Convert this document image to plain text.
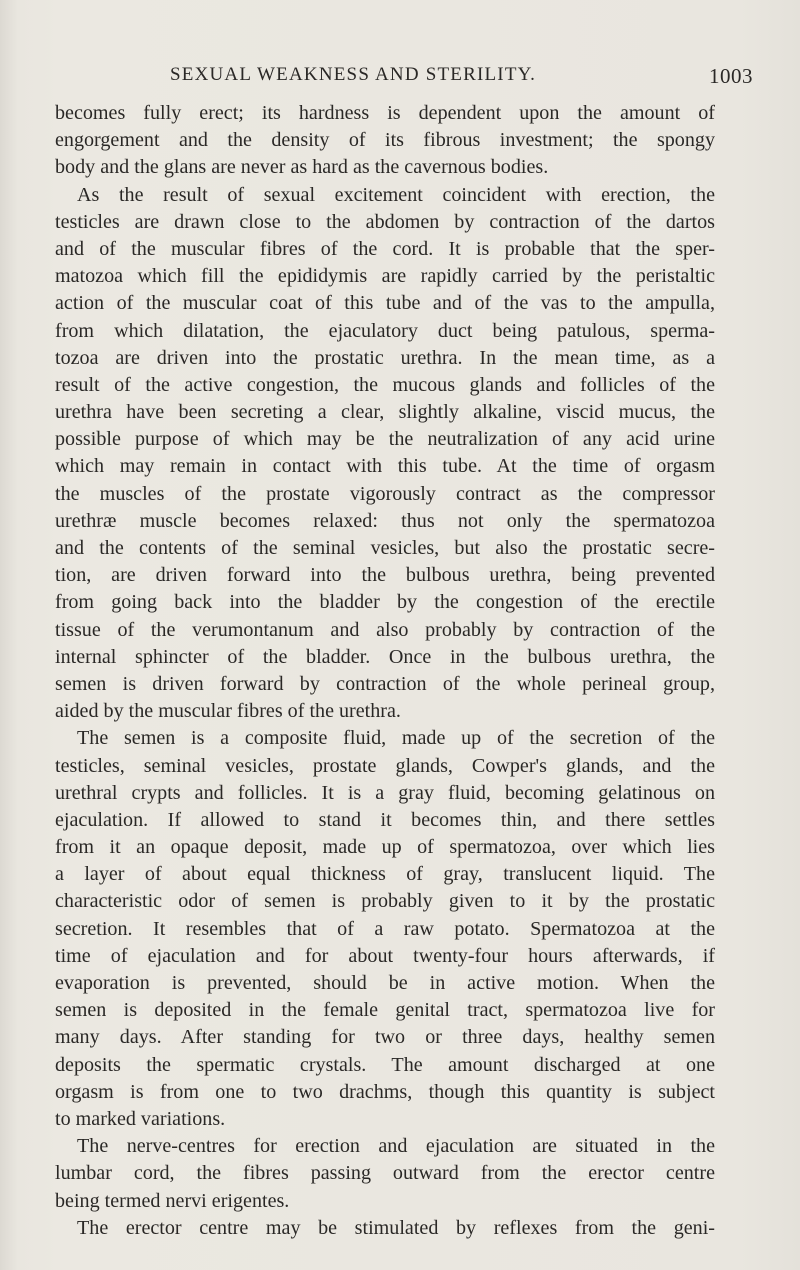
SEXUAL WEAKNESS AND STERILITY.	1003
becomes fully erect; its hardness is dependent upon the amount of
engorgement and the density of its fibrous investment; the spongy
body and the glans are never as hard as the cavernous bodies.
As the result of sexual excitement coincident with erection, the
testicles are drawn close to the abdomen by contraction of the dartos
and of the muscular fibres of the cord. It is probable that the sper-
matozoa which fill the epididymis are rapidly carried by the peristaltic
action of the muscular coat of this tube and of the vas to the ampulla,
from which dilatation, the ejaculatory duct being patulous, sperma-
tozoa are driven into the prostatic urethra. In the mean time, as a
result of the active congestion, the mucous glands and follicles of the
urethra have been secreting a clear, slightly alkaline, viscid mucus, the
possible purpose of which may be the neutralization of any acid urine
which may remain in contact with this tube. At the time of orgasm
the muscles of the prostate vigorously contract as the compressor
urethræ muscle becomes relaxed: thus not only the spermatozoa
and the contents of the seminal vesicles, but also the prostatic secre-
tion, are driven forward into the bulbous urethra, being prevented
from going back into the bladder by the congestion of the erectile
tissue of the verumontanum and also probably by contraction of the
internal sphincter of the bladder. Once in the bulbous urethra, the
semen is driven forward by contraction of the whole perineal group,
aided by the muscular fibres of the urethra.
The semen is a composite fluid, made up of the secretion of the
testicles, seminal vesicles, prostate glands, Cowper's glands, and the
urethral crypts and follicles. It is a gray fluid, becoming gelatinous on
ejaculation. If allowed to stand it becomes thin, and there settles
from it an opaque deposit, made up of spermatozoa, over which lies
a layer of about equal thickness of gray, translucent liquid. The
characteristic odor of semen is probably given to it by the prostatic
secretion. It resembles that of a raw potato. Spermatozoa at the
time of ejaculation and for about twenty-four hours afterwards, if
evaporation is prevented, should be in active motion. When the
semen is deposited in the female genital tract, spermatozoa live for
many days. After standing for two or three days, healthy semen
deposits the spermatic crystals. The amount discharged at one
orgasm is from one to two drachms, though this quantity is subject
to marked variations.
The nerve-centres for erection and ejaculation are situated in the
lumbar cord, the fibres passing outward from the erector centre
being termed nervi erigentes.
The erector centre may be stimulated by reflexes from the geni-
